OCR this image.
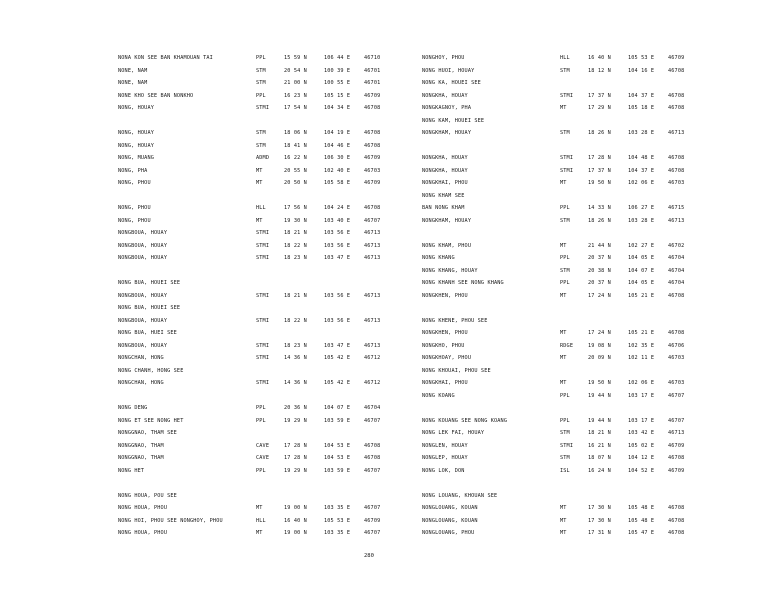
NONA KON SEE BAN KHAMOUAN TAI	PPL	15 59 N	106 44 E	46710
NONE, NAM	STM	20 54 N	100 39 E	46701
NONE, NAM	STM	21 00 N	100 55 E	46701
NONE KHO SEE BAN NONKHO	PPL	16 23 N	105 15 E	46709
NONG, HOUAY	STMI	17 54 N	104 34 E	46708
NONG, HOUAY	STM	18 06 N	104 19 E	46708
NONG, HOUAY	STM	18 41 N	104 46 E	46708
NONG, MUANG	ADMD	16 22 N	106 30 E	46709
NONG, PHA	MT	20 55 N	102 40 E	46703
NONG, PHOU	MT	20 50 N	105 58 E	46709
NONG, PHOU	HLL	17 56 N	104 24 E	46708
NONG, PHOU	MT	19 30 N	103 40 E	46707
NONGBOUA, HOUAY	STMI	18 21 N	103 56 E	46713
NONGBOUA, HOUAY	STMI	18 22 N	103 56 E	46713
NONGBOUA, HOUAY	STMI	18 23 N	103 47 E	46713
NONG BUA, HOUEI SEE
NONGBOUA, HOUAY	STMI	18 21 N	103 56 E	46713
NONG BUA, HOUEI SEE
NONGBOUA, HOUAY	STMI	18 22 N	103 56 E	46713
NONG BUA, HUEI SEE
NONGBOUA, HOUAY	STMI	18 23 N	103 47 E	46713
NONGCHAN, HONG	STMI	14 36 N	105 42 E	46712
NONG CHANH, HONG SEE
NONGCHAN, HONG	STMI	14 36 N	105 42 E	46712
NONG DENG	PPL	20 36 N	104 07 E	46704
NONG ET SEE NONG HET	PPL	19 29 N	103 59 E	46707
NONGGNAO, THAM SEE
NONGGNAO, THAM	CAVE	17 28 N	104 53 E	46708
NONGGNAO, THAM	CAVE	17 28 N	104 53 E	46708
NONG HET	PPL	19 29 N	103 59 E	46707
NONG HOUA, POU SEE
NONG HOUA, PHOU	MT	19 00 N	103 35 E	46707
NONG HOI, PHOU SEE NONGHOY, PHOU	HLL	16 40 N	105 53 E	46709
NONG HOUA, PHOU	MT	19 00 N	103 35 E	46707
NONGHOY, PHOU	HLL	16 40 N	105 53 E	46709
NONG HUOI, HOUAY	STM	18 12 N	104 16 E	46708
NONG KA, HOUEI SEE
NONGKHA, HOUAY	STMI	17 37 N	104 37 E	46708
NONGKAGNOY, PHA	MT	17 29 N	105 18 E	46708
NONG KAM, HOUEI SEE
NONGKHAM, HOUAY	STM	18 26 N	103 28 E	46713
NONGKHA, HOUAY	STMI	17 28 N	104 48 E	46708
NONGKHA, HOUAY	STMI	17 37 N	104 37 E	46708
NONGKHAI, PHOU	MT	19 50 N	102 06 E	46703
NONG KHAM SEE
BAN NONG KHAM	PPL	14 33 N	106 27 E	46715
NONGKHAM, HOUAY	STM	18 26 N	103 28 E	46713
NONG KHAM, PHOU	MT	21 44 N	102 27 E	46702
NONG KHANG	PPL	20 37 N	104 05 E	46704
NONG KHANG, HOUAY	STM	20 38 N	104 07 E	46704
NONG KHANH SEE NONG KHANG	PPL	20 37 N	104 05 E	46704
NONGKHEN, PHOU	MT	17 24 N	105 21 E	46708
NONG KHENE, PHOU SEE
NONGKHEN, PHOU	MT	17 24 N	105 21 E	46708
NONGKHO, PHOU	RDGE	19 08 N	102 35 E	46706
NONGKHOAY, PHOU	MT	20 09 N	102 11 E	46703
NONG KHOUAI, PHOU SEE
NONGKHAI, PHOU	MT	19 50 N	102 06 E	46703
NONG KOANG	PPL	19 44 N	103 17 E	46707
NONG KOUANG SEE NONG KOANG	PPL	19 44 N	103 17 E	46707
NONG LEK FAI, HOUAY	STM	18 21 N	103 42 E	46713
NONGLEN, HOUAY	STMI	16 21 N	105 02 E	46709
NONGLEP, HOUAY	STM	18 07 N	104 12 E	46708
NONG LOK, DON	ISL	16 24 N	104 52 E	46709
NONG LOUANG, KHOUAN SEE
NONGLOUANG, KOUAN	MT	17 30 N	105 48 E	46708
NONGLOUANG, KOUAN	MT	17 30 N	105 48 E	46708
NONGLOUANG, PHOU	MT	17 31 N	105 47 E	46708
280
